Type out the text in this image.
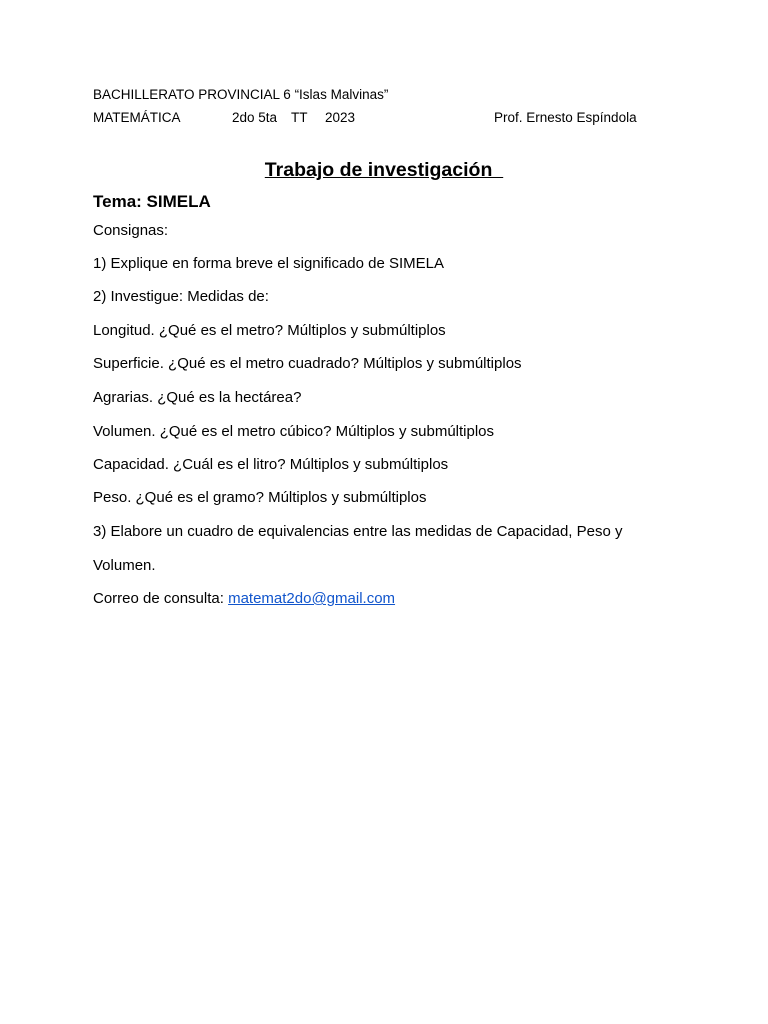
BACHILLERATO PROVINCIAL 6 “Islas Malvinas”
MATEMÁTICA	2do 5ta TT 2023	Prof. Ernesto Espíndola
Trabajo de investigación
Tema: SIMELA
Consignas:
1) Explique en forma breve el significado de SIMELA
2) Investigue: Medidas de:
Longitud. ¿Qué es el metro? Múltiplos y submúltiplos
Superficie. ¿Qué es el metro cuadrado? Múltiplos y submúltiplos
Agrarias. ¿Qué es la hectárea?
Volumen. ¿Qué es el metro cúbico? Múltiplos y submúltiplos
Capacidad. ¿Cuál es el litro? Múltiplos y submúltiplos
Peso. ¿Qué es el gramo? Múltiplos y submúltiplos
3) Elabore un cuadro de equivalencias entre las medidas de Capacidad, Peso y
Volumen.
Correo de consulta: matemat2do@gmail.com
